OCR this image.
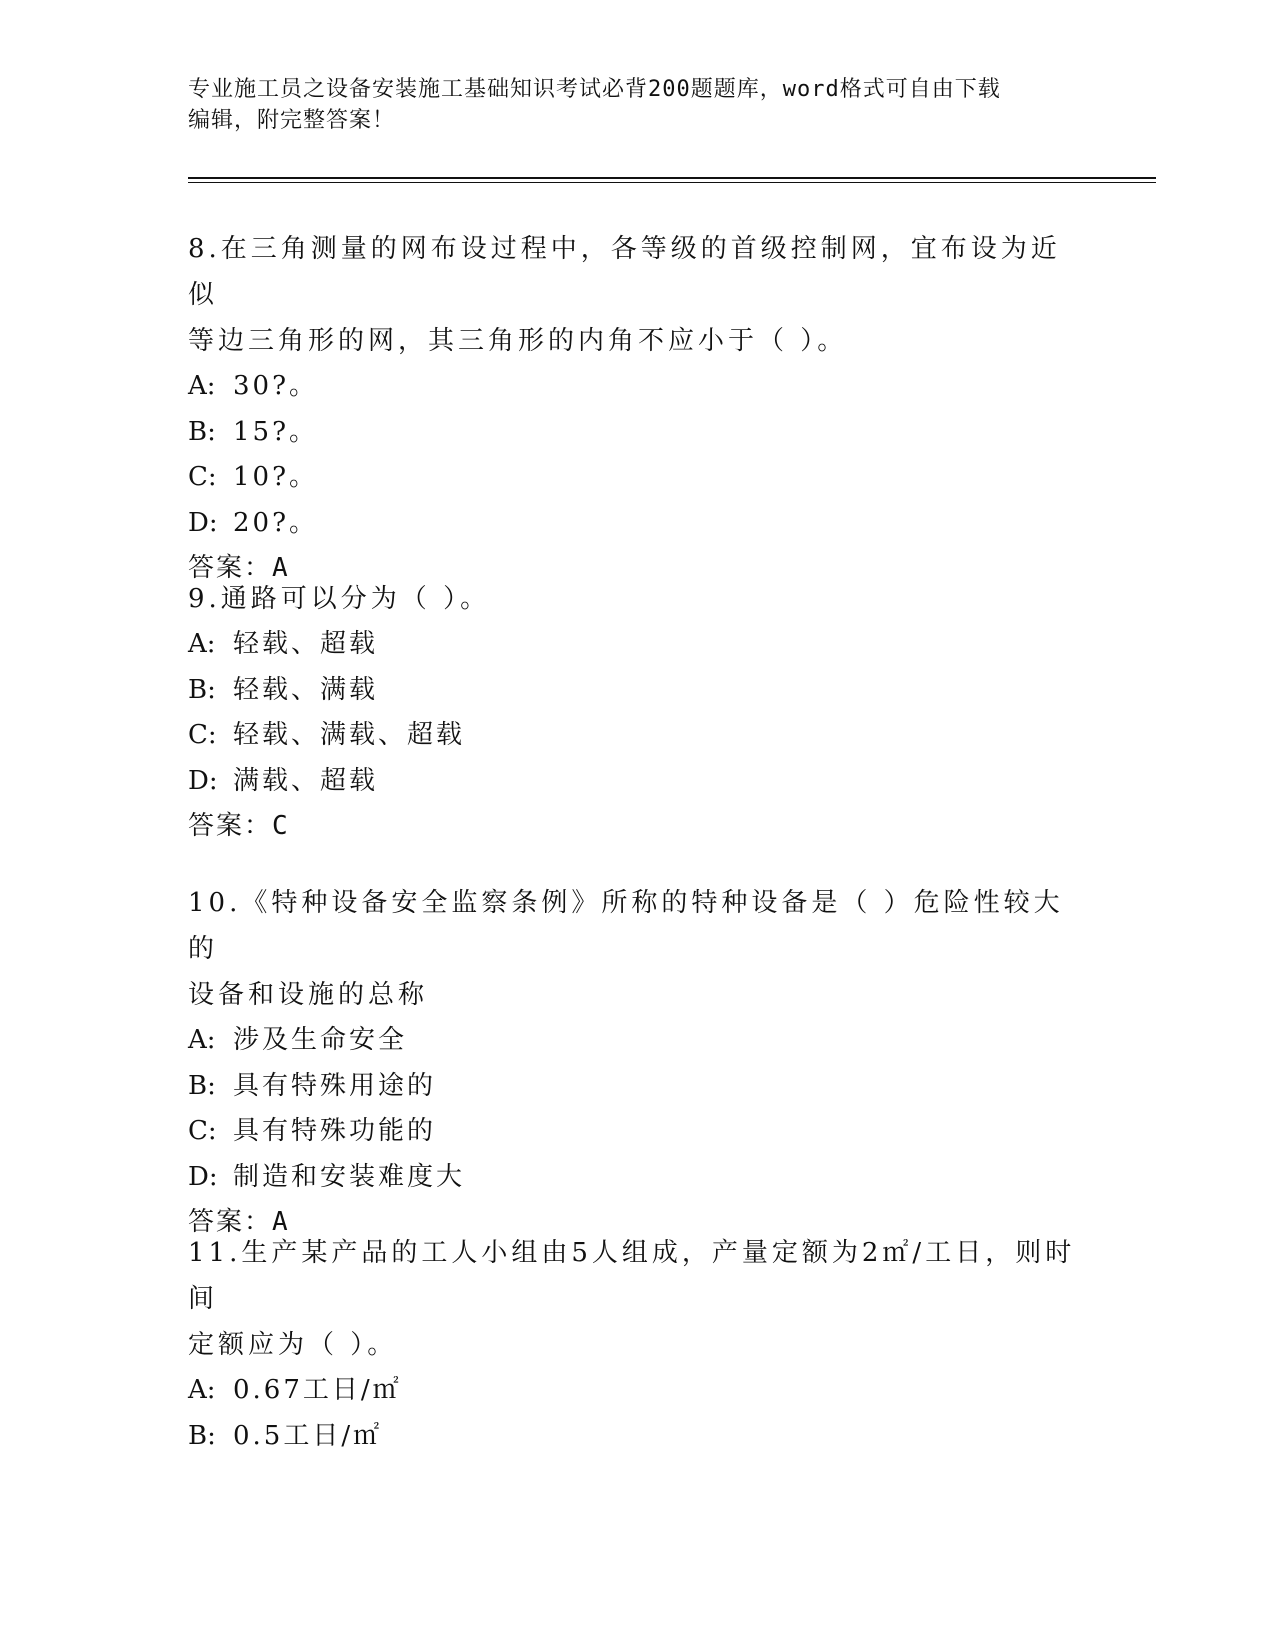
专业施工员之设备安装施工基础知识考试必背200题题库，word格式可自由下载
编辑，附完整答案！

8.在三角测量的网布设过程中，各等级的首级控制网，宜布设为近似

等边三角形的网，其三角形的内角不应小于（ ）。

A: 30?。

B: 15?。

C: 10?。

D: 20?。

答案：A

9.通路可以分为（ ）。

A: 轻载、超载

B: 轻载、满载

C: 轻载、满载、超载

D: 满载、超载

答案：C

10.《特种设备安全监察条例》所称的特种设备是（ ）危险性较大的

设备和设施的总称

A: 涉及生命安全

B: 具有特殊用途的

C: 具有特殊功能的

D: 制造和安装难度大

答案：A

11.生产某产品的工人小组由5人组成，产量定额为2㎡/工日，则时间

定额应为（ ）。

A: 0.67工日/㎡

B: 0.5工日/㎡
